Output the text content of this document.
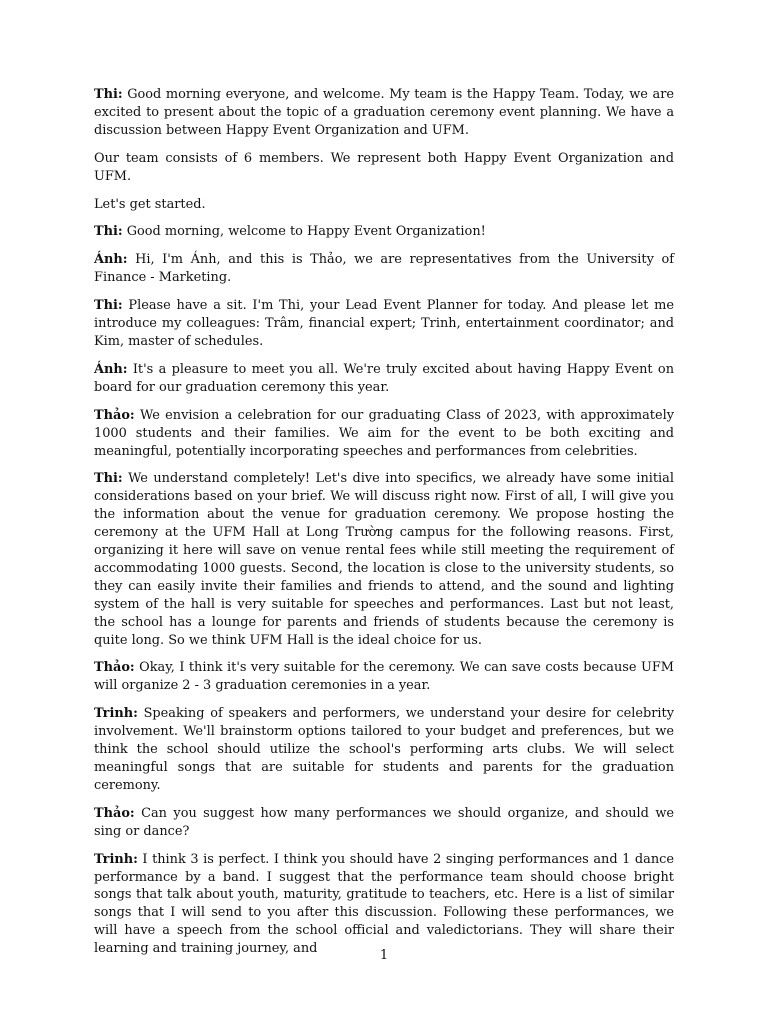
Thi: Good morning everyone, and welcome. My team is the Happy Team. Today, we are excited to present about the topic of a graduation ceremony event planning. We have a discussion between Happy Event Organization and UFM.

Our team consists of 6 members. We represent both Happy Event Organization and UFM.

Let's get started.

Thi: Good morning, welcome to Happy Event Organization!

Ánh: Hi, I'm Ánh, and this is Thảo, we are representatives from the University of Finance - Marketing.

Thi: Please have a sit. I'm Thi, your Lead Event Planner for today. And please let me introduce my colleagues: Trâm, financial expert; Trinh, entertainment coordinator; and Kim, master of schedules.

Ánh: It's a pleasure to meet you all. We're truly excited about having Happy Event on board for our graduation ceremony this year.

Thảo: We envision a celebration for our graduating Class of 2023, with approximately 1000 students and their families. We aim for the event to be both exciting and meaningful, potentially incorporating speeches and performances from celebrities.

Thi: We understand completely! Let's dive into specifics, we already have some initial considerations based on your brief. We will discuss right now. First of all, I will give you the information about the venue for graduation ceremony. We propose hosting the ceremony at the UFM Hall at Long Trường campus for the following reasons. First, organizing it here will save on venue rental fees while still meeting the requirement of accommodating 1000 guests. Second, the location is close to the university students, so they can easily invite their families and friends to attend, and the sound and lighting system of the hall is very suitable for speeches and performances. Last but not least, the school has a lounge for parents and friends of students because the ceremony is quite long. So we think UFM Hall is the ideal choice for us.

Thảo: Okay, I think it's very suitable for the ceremony. We can save costs because UFM will organize 2 - 3 graduation ceremonies in a year.

Trinh: Speaking of speakers and performers, we understand your desire for celebrity involvement. We'll brainstorm options tailored to your budget and preferences, but we think the school should utilize the school's performing arts clubs. We will select meaningful songs that are suitable for students and parents for the graduation ceremony.

Thảo: Can you suggest how many performances we should organize, and should we sing or dance?

Trinh: I think 3 is perfect. I think you should have 2 singing performances and 1 dance performance by a band. I suggest that the performance team should choose bright songs that talk about youth, maturity, gratitude to teachers, etc. Here is a list of similar songs that I will send to you after this discussion. Following these performances, we will have a speech from the school official and valedictorians. They will share their learning and training journey, and	1
